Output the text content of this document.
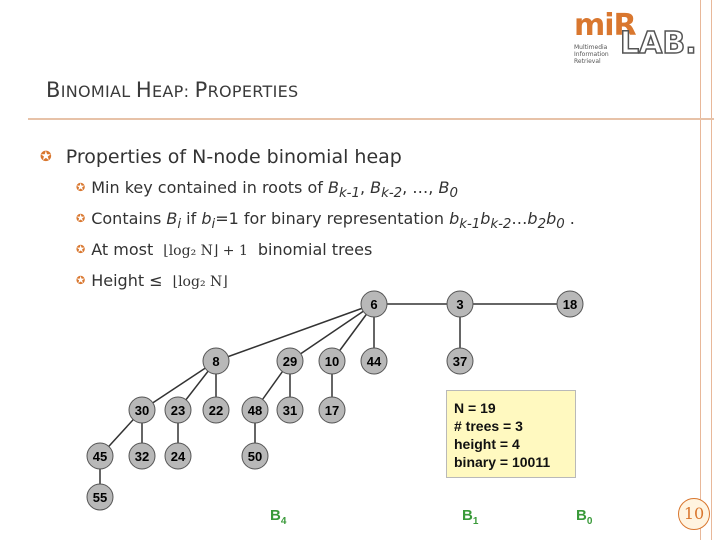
miR
Multimedia Information Retrieval
LAB.
BINOMIAL HEAP: PROPERTIES
✪ Properties of N-node binomial heap
✪ Min key contained in roots of $B_{k-1}$, $B_{k-2}$, …, $B_0$
✪ Contains $B_i$ if $b_i=1$ for binary representation $b_{k-1}b_{k-2}\dots b_2b_0$ .
✪ At most ⌊log₂ N⌋ + 1 binomial trees
✪ Height ≤ ⌊log₂ N⌋
6	3	18
8	29 10 44	37
30 23 22 48 31 17
45 32 24	50
55
$B_4$	$B_1$	$B_0$
N = 19
# trees = 3
height = 4
binary = 10011
10
